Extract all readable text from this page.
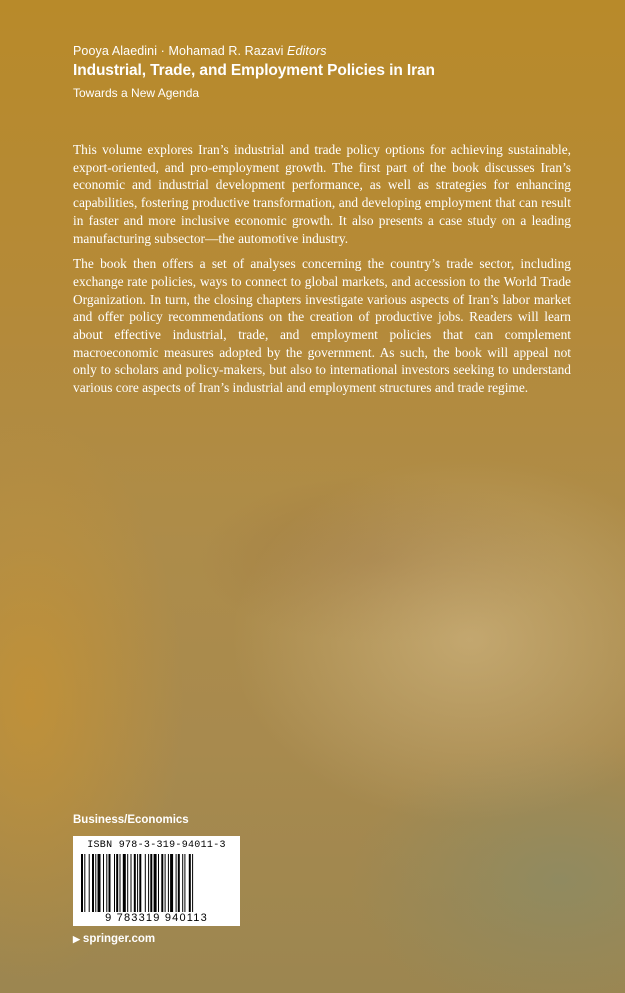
Pooya Alaedini · Mohamad R. Razavi Editors
Industrial, Trade, and Employment Policies in Iran
Towards a New Agenda

This volume explores Iran’s industrial and trade policy options for achieving sustainable, export-oriented, and pro-employment growth. The first part of the book discusses Iran’s economic and industrial development performance, as well as strategies for enhancing capabilities, fostering productive transformation, and developing employment that can result in faster and more inclusive economic growth. It also presents a case study on a leading manufacturing subsector—the automotive industry.

The book then offers a set of analyses concerning the country’s trade sector, including exchange rate policies, ways to connect to global markets, and accession to the World Trade Organization. In turn, the closing chapters investigate various aspects of Iran’s labor market and offer policy recommendations on the creation of productive jobs. Readers will learn about effective industrial, trade, and employment policies that can complement macroeconomic measures adopted by the government. As such, the book will appeal not only to scholars and policy-makers, but also to international investors seeking to understand various core aspects of Iran’s industrial and employment structures and trade regime.

Business/Economics
ISBN 978-3-319-94011-3
9 783319 940113
▶ springer.com
